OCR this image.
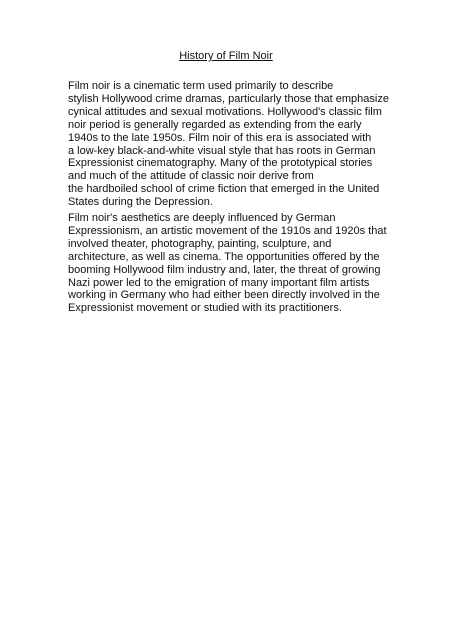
History of Film Noir
Film noir is a cinematic term used primarily to describe
stylish Hollywood crime dramas, particularly those that emphasize
cynical attitudes and sexual motivations. Hollywood's classic film
noir period is generally regarded as extending from the early
1940s to the late 1950s. Film noir of this era is associated with
a low-key black-and-white visual style that has roots in German
Expressionist cinematography. Many of the prototypical stories
and much of the attitude of classic noir derive from
the hardboiled school of crime fiction that emerged in the United
States during the Depression.
Film noir's aesthetics are deeply influenced by German
Expressionism, an artistic movement of the 1910s and 1920s that
involved theater, photography, painting, sculpture, and
architecture, as well as cinema. The opportunities offered by the
booming Hollywood film industry and, later, the threat of growing
Nazi power led to the emigration of many important film artists
working in Germany who had either been directly involved in the
Expressionist movement or studied with its practitioners.
